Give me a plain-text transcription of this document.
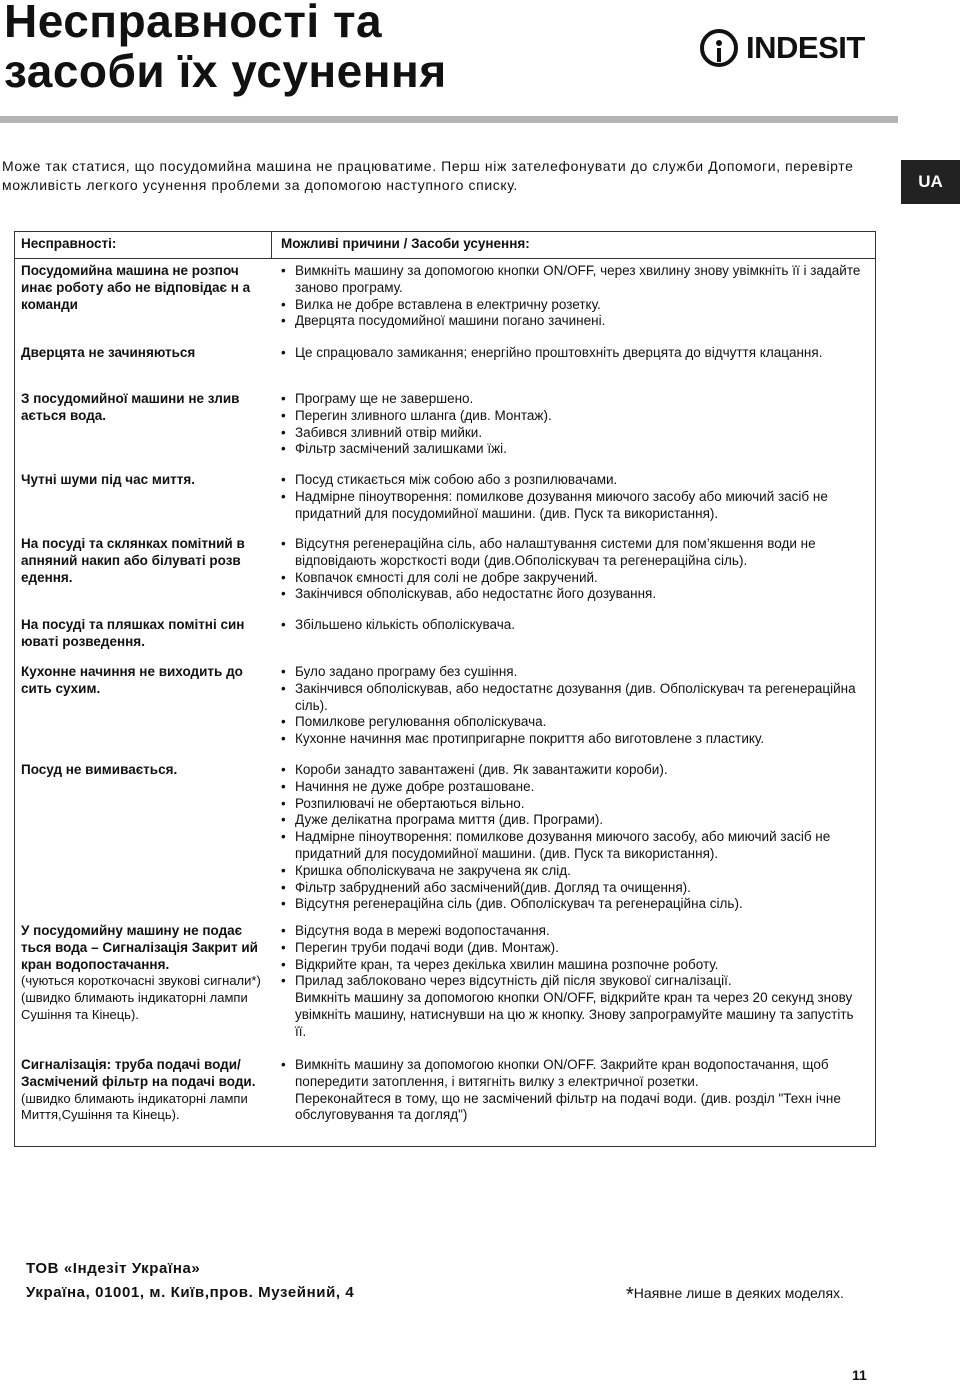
Несправності та
засоби їх усунення	INDESIT
Може так статися, що посудомийна машина не працюватиме. Перш ніж зателефонувати до служби Допомоги, перевірте можливість легкого усунення проблеми за допомогою наступного списку.	UA
Несправності:	Можливі причини / Засоби усунення:
Посудомийна машина не розпоч инає роботу або не відповідає н а команди
• Вимкніть машину за допомогою кнопки ON/OFF, через хвилину знову увімкніть її і задайте заново програму.
• Вилка не добре вставлена в електричну розетку.
• Дверцята посудомийної машини погано зачинені.
Дверцята не зачиняються	• Це спрацювало замикання; енергійно проштовхніть дверцята до відчуття клацання.
З посудомийної машини не злив ається вода.
• Програму ще не завершено.
• Перегин зливного шланга (див. Монтаж).
• Забився зливний отвір мийки.
• Фільтр засмічений залишками їжі.
Чутні шуми під час миття.	• Посуд стикається між собою або з розпилювачами.
• Надмірне піноутворення: помилкове дозування миючого засобу або миючий засіб не придатний для посудомийної машини. (див. Пуск та використання).
На посуді та склянках помітний в апняний накип або білуваті розв едення.
• Відсутня регенераційна сіль, або налаштування системи для пом’якшення води не відповідають жорсткості води (див.Обполіскувач та регенераційна сіль).
• Ковпачок ємності для солі не добре закручений.
• Закінчився обполіскував, або недостатнє його дозування.
На посуді та пляшках помітні син юваті розведення.
• Збільшено кількість обполіскувача.
Кухонне начиння не виходить до сить сухим.
• Було задано програму без сушіння.
• Закінчився обполіскував, або недостатнє дозування (див. Обполіскувач та регенераційна сіль).
• Помилкове регулювання обполіскувача.
• Кухонне начиння має протипригарне покриття або виготовлене з пластику.
Посуд не вимивається.	• Короби занадто завантажені (див. Як завантажити короби).
• Начиння не дуже добре розташоване.
• Розпилювачі не обертаються вільно.
• Дуже делікатна програма миття (див. Програми).
• Надмірне піноутворення: помилкове дозування миючого засобу, або миючий засіб не придатний для посудомийної машини. (див. Пуск та використання).
• Кришка обполіскувача не закручена як слід.
• Фільтр забруднений або засмічений(див. Догляд та очищення).
• Відсутня регенераційна сіль (див. Обполіскувач та регенераційна сіль).
У посудомийну машину не подає ться вода – Сигналізація Закрит ий кран водопостачання.
(чуються короткочасні звукові сигнали*) (швидко блимають індикаторні лампи Сушіння та Кінець).
• Відсутня вода в мережі водопостачання.
• Перегин труби подачі води (див. Монтаж).
• Відкрийте кран, та через декілька хвилин машина розпочне роботу.
• Прилад заблоковано через відсутність дій після звукової сигналізації.
Вимкніть машину за допомогою кнопки ON/OFF, відкрийте кран та через 20 секунд знову увімкніть машину, натиснувши на цю ж кнопку. Знову запрограмуйте машину та запустіть її.
Сигналізація: труба подачі води/ Засмічений фільтр на подачі води.
(швидко блимають індикаторні лампи Миття,Сушіння та Кінець).
• Вимкніть машину за допомогою кнопки ON/OFF. Закрийте кран водопостачання, щоб попередити затоплення, і витягніть вилку з електричної розетки.
Переконайтеся в тому, що не засмічений фільтр на подачі води. (див. розділ "Техн ічне обслуговування та догляд")
ТОВ «Індезіт Україна»
Україна, 01001, м. Київ,пров. Музейний, 4	*Наявне лише в деяких моделях.
11
